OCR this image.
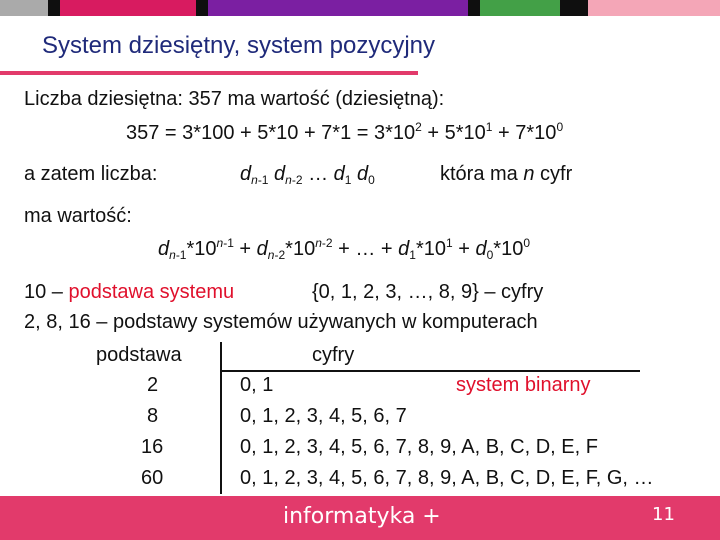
System dziesiętny, system pozycyjny
Liczba dziesiętna: 357 ma wartość (dziesiętną):
$357 = 3*100 + 5*10 + 7*1 = 3*10^2 + 5*10^1 + 7*10^0$
a zatem liczba:	$d_{n-1}$ $d_{n-2}$ … $d_1$ $d_0$	która ma n cyfr
ma wartość:
$d_{n-1}*10^{n-1} + d_{n-2}*10^{n-2}$ + … + $d_1*10^1 + d_0*10^0$
10 – podstawa systemu	{0, 1, 2, 3, …, 8, 9} – cyfry
2, 8, 16 – podstawy systemów używanych w komputerach
podstawa	cyfry
2	0, 1	system binarny
8	0, 1, 2, 3, 4, 5, 6, 7
16	0, 1, 2, 3, 4, 5, 6, 7, 8, 9, A, B, C, D, E, F
60	0, 1, 2, 3, 4, 5, 6, 7, 8, 9, A, B, C, D, E, F, G, …
informatyka +	11
